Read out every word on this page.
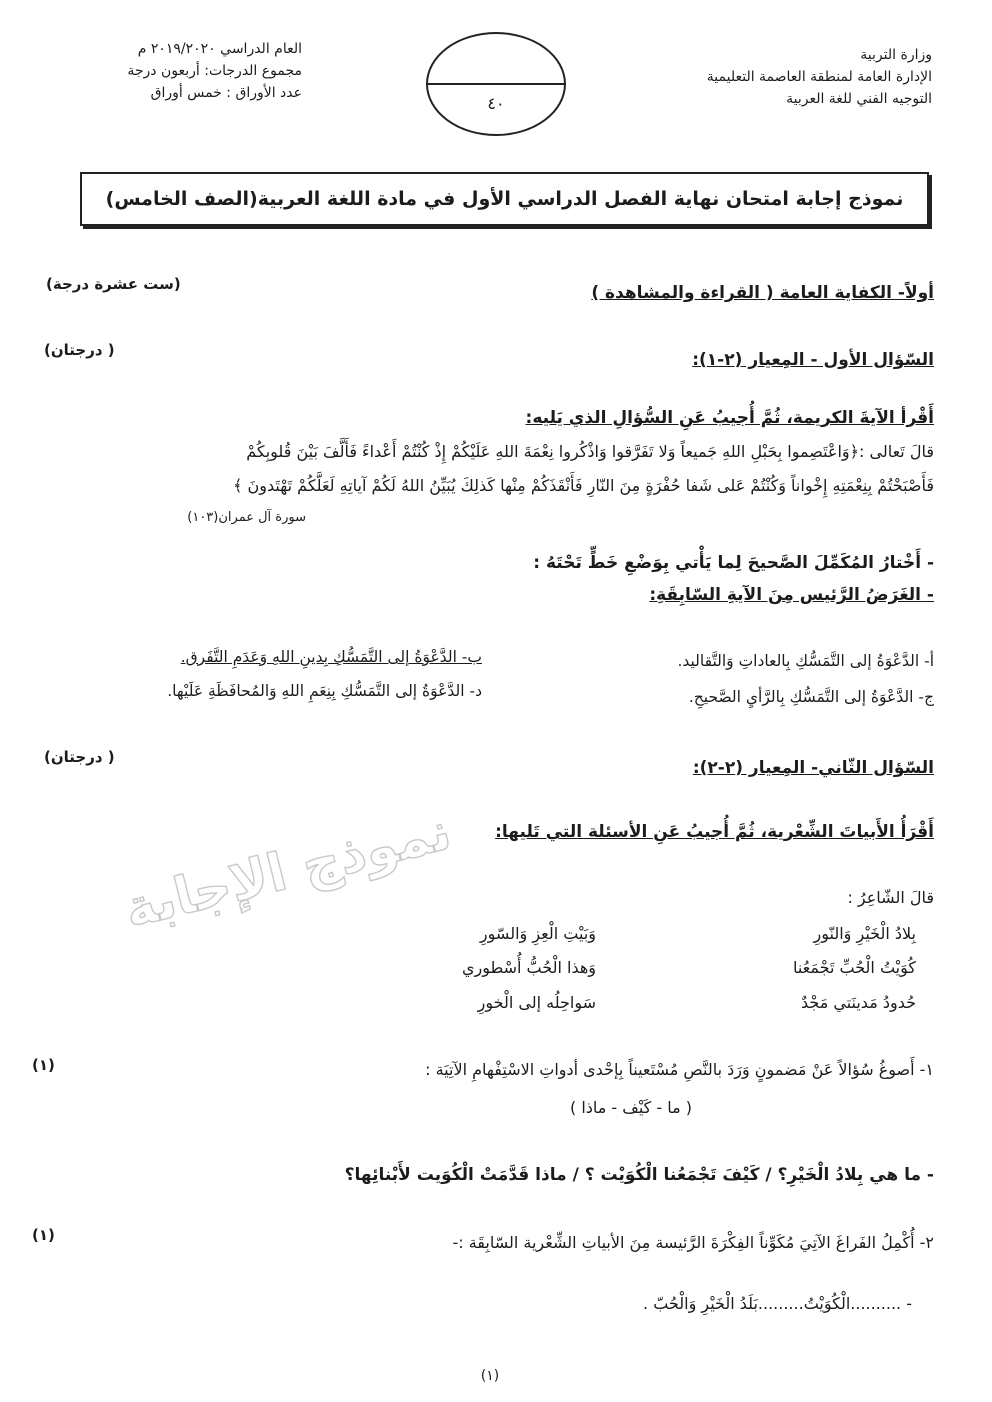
وزارة التربية
الإدارة العامة لمنطقة العاصمة التعليمية
التوجيه الفني للغة العربية
العام الدراسي ٢٠١٩/٢٠٢٠ م
مجموع الدرجات: أربعون درجة
عدد الأوراق : خمس أوراق
٤٠
نموذج إجابة امتحان نهاية الفصل الدراسي الأول في مادة اللغة العربية(الصف الخامس)
أولاً- الكفاية العامة ( القراءة والمشاهدة )
(ست عشرة درجة)
السّؤال الأول - المِعيار (٢-١):
( درجتان)
أَقْرأ الآيةَ الكريمة، ثُمَّ أُجيبُ عَنِ السُّؤالِ الذي يَليه:
قالَ تَعالى :﴿وَاعْتَصِموا بِحَبْلِ اللهِ جَميعاً وَلا تَفَرَّقوا وَاذْكُروا نِعْمَةَ اللهِ عَلَيْكُمْ إِذْ كُنْتُمْ أَعْداءً فَأَلَّفَ بَيْنَ قُلوبِكُمْ
فَأَصْبَحْتُمْ بِنِعْمَتِهِ إِخْواناً وَكُنْتُمْ عَلى شَفا حُفْرَةٍ مِنَ النّارِ فَأَنْقَذَكُمْ مِنْها كَذلِكَ يُبَيِّنُ اللهُ لَكُمْ آياتِهِ لَعَلَّكُمْ تَهْتَدونَ ﴾
سورة آل عمران(١٠٣)
- أَخْتارُ المُكَمِّلَ الصَّحيحَ لِما يَأْتي بِوَضْعِ خَطٍّ تَحْتَهُ :
- الغَرَضُ الرَّئيس مِنَ الآيةِ السّابِقَةِ:
أ- الدَّعْوَةُ إلى التَّمَسُّكِ بِالعاداتِ وَالتَّقاليد.
ب- الدَّعْوَةُ إلى التَّمَسُّكِ بِدينِ اللهِ وَعَدَمِ التَّفَرق.
ج- الدَّعْوَةُ إلى التَّمَسُّكِ بِالرَّأيِ الصَّحيحِ.
د- الدَّعْوَةُ إلى التَّمَسُّكِ بِنِعَمِ اللهِ وَالمُحافَظَةِ عَلَيْها.
السّؤال الثّاني- المِعيار (٢-٢):
( درجتان)
أَقْرَأُ الأَبياتَ الشِّعْرية، ثُمَّ أُجيبُ عَنِ الأسئلة التي تَليها:
نموذج الإجابة	قالَ الشّاعِرُ :
بِلادُ الْخَيْرِ وَالنّورِ
وَبَيْتِ الْعِزِ وَالسّورِ
كُوَيْتُ الْحُبِّ تَجْمَعُنا
وَهذا الْحُبُّ أُسْطوري
حُدودُ مَدينَتي مَجْدٌ
سَواحِلُه إلى الْخورِ
١- أَصوغُ سُؤالاً عَنْ مَضمونٍ وَرَدَ بالنَّصِ مُسْتَعيناً بِإحْدى أدواتِ الاسْتِفْهامِ الآتِيَة :
( ما - كَيْف - ماذا )
(١)
- ما هي بِلادُ الْخَيْرِ؟ / كَيْفَ تَجْمَعُنا الْكُوَيْت ؟ / ماذا قَدَّمَتْ الْكُوَيت لأَبْنائِها؟
٢- أُكْمِلُ الفَراغَ الآتِيَ مُكَوِّناً الفِكْرَةَ الرَّئيسة مِنَ الأبياتِ الشِّعْرية السّابِقَة :-
(١)
- ..........الْكُوَيْتُ.........بَلَدُ الْخَيْرِ وَالْحُبّ .
(١)
